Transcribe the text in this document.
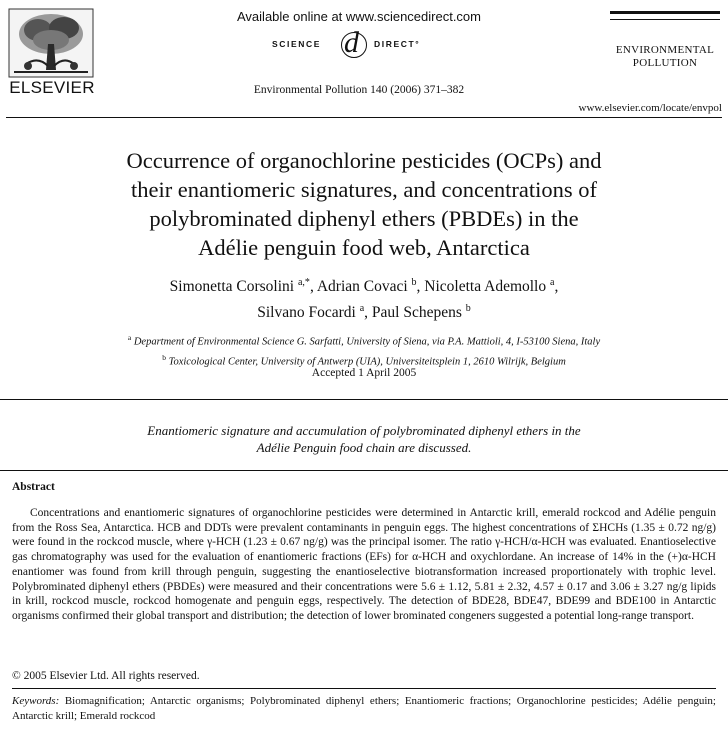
ELSEVIER
Available online at www.sciencedirect.com
SCIENCE d DIRECT°
Environmental Pollution 140 (2006) 371–382
ENVIRONMENTAL
POLLUTION
www.elsevier.com/locate/envpol
Occurrence of organochlorine pesticides (OCPs) and
their enantiomeric signatures, and concentrations of
polybrominated diphenyl ethers (PBDEs) in the
Adélie penguin food web, Antarctica
Simonetta Corsolini $^{a,*}$, Adrian Covaci $^b$, Nicoletta Ademollo $^a$,
Silvano Focardi $^a$, Paul Schepens $^b$
$^a$ Department of Environmental Science G. Sarfatti, University of Siena, via P.A. Mattioli, 4, I-53100 Siena, Italy
$^b$ Toxicological Center, University of Antwerp (UIA), Universiteitsplein 1, 2610 Wilrijk, Belgium
Accepted 1 April 2005
Enantiomeric signature and accumulation of polybrominated diphenyl ethers in the
Adélie Penguin food chain are discussed.
Abstract
Concentrations and enantiomeric signatures of organochlorine pesticides were determined in Antarctic krill, emerald rockcod and Adélie penguin from the Ross Sea, Antarctica. HCB and DDTs were prevalent contaminants in penguin eggs. The highest concentrations of ΣHCHs (1.35 ± 0.72 ng/g) were found in the rockcod muscle, where γ-HCH (1.23 ± 0.67 ng/g) was the principal isomer. The ratio γ-HCH/α-HCH was evaluated. Enantioselective gas chromatography was used for the evaluation of enantiomeric fractions (EFs) for α-HCH and oxychlordane. An increase of 14% in the (+)α-HCH enantiomer was found from krill through penguin, suggesting the enantioselective biotransformation increased proportionately with trophic level. Polybrominated diphenyl ethers (PBDEs) were measured and their concentrations were 5.6 ± 1.12, 5.81 ± 2.32, 4.57 ± 0.17 and 3.06 ± 3.27 ng/g lipids in krill, rockcod muscle, rockcod homogenate and penguin eggs, respectively. The detection of BDE28, BDE47, BDE99 and BDE100 in Antarctic organisms confirmed their global transport and distribution; the detection of lower brominated congeners suggested a potential long-range transport.
© 2005 Elsevier Ltd. All rights reserved.
Keywords: Biomagnification; Antarctic organisms; Polybrominated diphenyl ethers; Enantiomeric fractions; Organochlorine pesticides; Adélie penguin; Antarctic krill; Emerald rockcod
